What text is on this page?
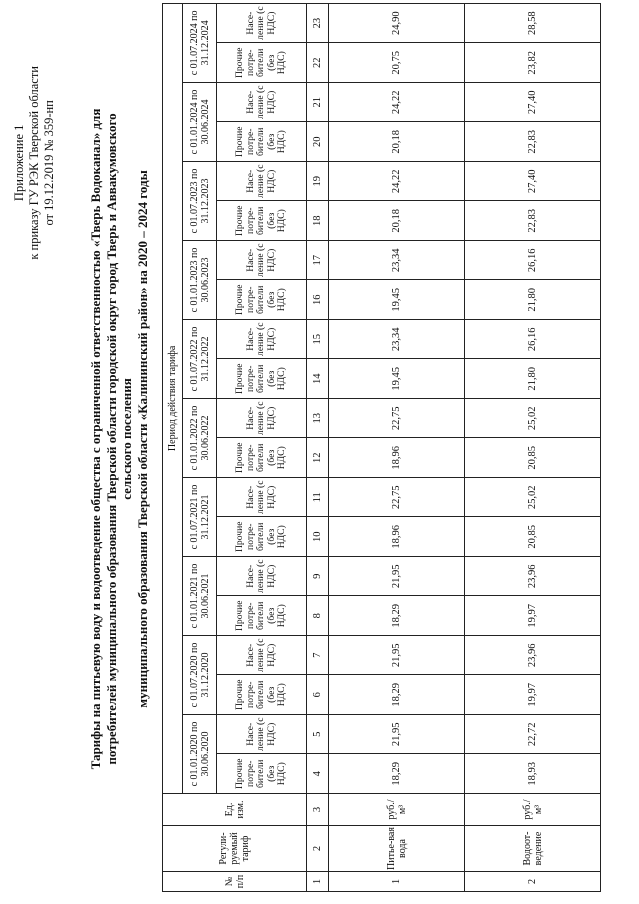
Приложение 1 к приказу ГУ РЭК Тверской области от 19.12.2019 № 359-нп Тарифы на питьевую воду и водоотведение общества с ограниченной ответственностью «Тверь Водоканал» для потребителей муниципального образования Тверской области городской округ город Тверь и Аввакумовского сельского поселения муниципального образования Тверской области «Калининский район» на 2020 – 2024 годы
№ п/п	Регули-руемый тариф	Ед. изм.	Период действия тарифа																			
			с 01.01.2020 по 30.06.2020		с 01.07.2020 по 31.12.2020		с 01.01.2021 по 30.06.2021		с 01.07.2021 по 31.12.2021		с 01.01.2022 по 30.06.2022		с 01.07.2022 по 31.12.2022		с 01.01.2023 по 30.06.2023		с 01.07.2023 по 31.12.2023		с 01.01.2024 по 30.06.2024		с 01.07.2024 по 31.12.2024	
			Прочие потре-бители (без НДС)	Насе-ление (с НДС)	Прочие потре-бители (без НДС)	Насе-ление (с НДС)	Прочие потре-бители (без НДС)	Насе-ление (с НДС)	Прочие потре-бители (без НДС)	Насе-ление (с НДС)	Прочие потре-бители (без НДС)	Насе-ление (с НДС)	Прочие потре-бители (без НДС)	Насе-ление (с НДС)	Прочие потре-бители (без НДС)	Насе-ление (с НДС)	Прочие потре-бители (без НДС)	Насе-ление (с НДС)	Прочие потре-бители (без НДС)	Насе-ление (с НДС)	Прочие потре-бители (без НДС)	Насе-ление (с НДС)
1	2	3	4	5	6	7	8	9	10	11	12	13	14	15	16	17	18	19	20	21	22	23
1	Питье-вая вода	руб./м³	18,29	21,95	18,29	21,95	18,29	21,95	18,96	22,75	18,96	22,75	19,45	23,34	19,45	23,34	20,18	24,22	20,18	24,22	20,75	24,90
2	Водоот-ведение	руб./м³	18,93	22,72	19,97	23,96	19,97	23,96	20,85	25,02	20,85	25,02	21,80	26,16	21,80	26,16	22,83	27,40	22,83	27,40	23,82	28,58
